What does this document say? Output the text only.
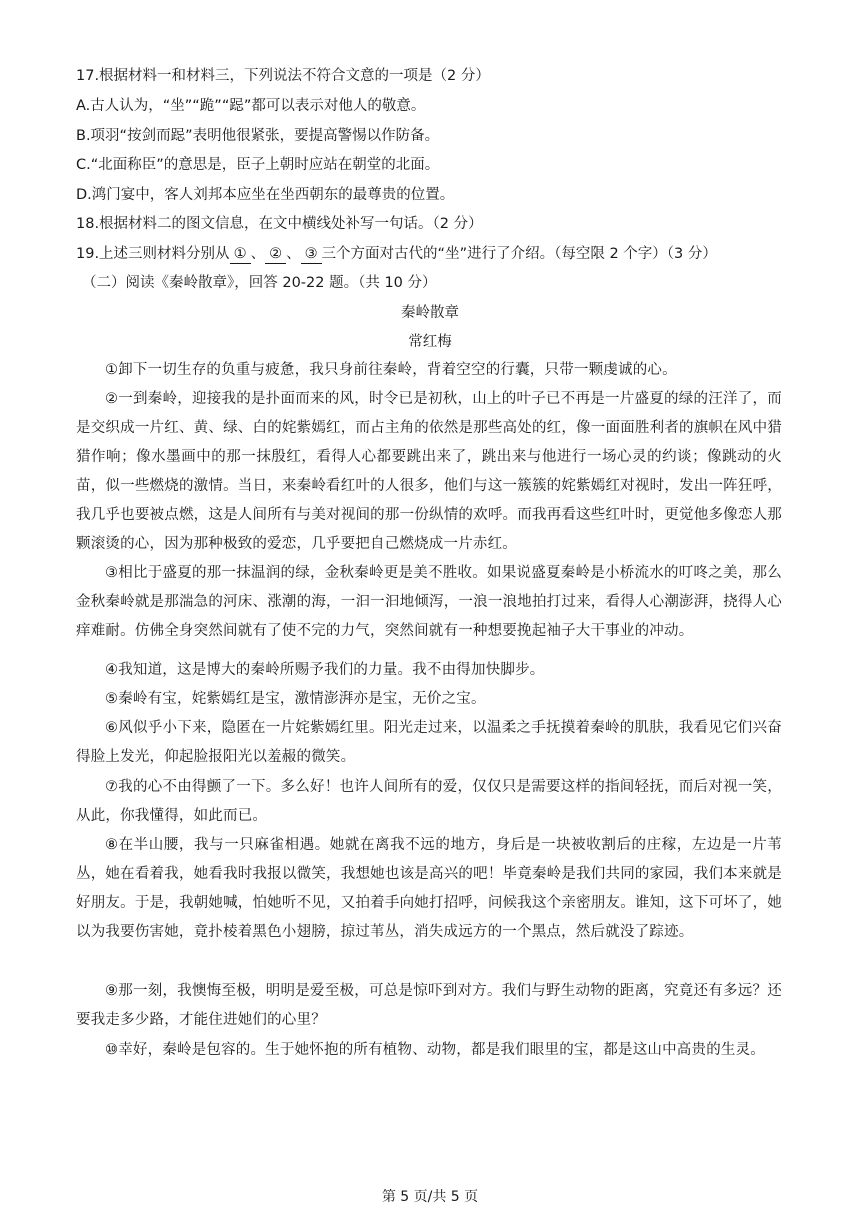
17.根据材料一和材料三，下列说法不符合文意的一项是（2 分）
A.古人认为，“坐”“跪”“跽”都可以表示对他人的敬意。
B.项羽“按剑而跽”表明他很紧张，要提高警惕以作防备。
C.“北面称臣”的意思是，臣子上朝时应站在朝堂的北面。
D.鸿门宴中，客人刘邦本应坐在坐西朝东的最尊贵的位置。
18.根据材料二的图文信息，在文中横线处补写一句话。（2 分）
19.上述三则材料分别从 ① 、 ② 、 ③ 三个方面对古代的“坐”进行了介绍。（每空限 2 个字）（3 分）
（二）阅读《秦岭散章》，回答 20-22 题。（共 10 分）
秦岭散章
常红梅
①卸下一切生存的负重与疲惫，我只身前往秦岭，背着空空的行囊，只带一颗虔诚的心。
②一到秦岭，迎接我的是扑面而来的风，时令已是初秋，山上的叶子已不再是一片盛夏的绿的汪洋了，而是交织成一片红、黄、绿、白的姹紫嫣红，而占主角的依然是那些高处的红，像一面面胜利者的旗帜在风中猎猎作响；像水墨画中的那一抹殷红，看得人心都要跳出来了，跳出来与他进行一场心灵的约谈；像跳动的火苗，似一些燃烧的激情。当日，来秦岭看红叶的人很多，他们与这一簇簇的姹紫嫣红对视时，发出一阵狂呼，我几乎也要被点燃，这是人间所有与美对视间的那一份纵情的欢呼。而我再看这些红叶时，更觉他多像恋人那颗滚烫的心，因为那种极致的爱恋，几乎要把自己燃烧成一片赤红。
③相比于盛夏的那一抹温润的绿，金秋秦岭更是美不胜收。如果说盛夏秦岭是小桥流水的叮咚之美，那么金秋秦岭就是那湍急的河床、涨潮的海，一汩一汩地倾泻，一浪一浪地拍打过来，看得人心潮澎湃，挠得人心痒难耐。仿佛全身突然间就有了使不完的力气，突然间就有一种想要挽起袖子大干事业的冲动。
④我知道，这是博大的秦岭所赐予我们的力量。我不由得加快脚步。
⑤秦岭有宝，姹紫嫣红是宝，激情澎湃亦是宝，无价之宝。
⑥风似乎小下来，隐匿在一片姹紫嫣红里。阳光走过来，以温柔之手抚摸着秦岭的肌肤，我看见它们兴奋得脸上发光，仰起脸报阳光以羞赧的微笑。
⑦我的心不由得颤了一下。多么好！也许人间所有的爱，仅仅只是需要这样的指间轻抚，而后对视一笑，从此，你我懂得，如此而已。
⑧在半山腰，我与一只麻雀相遇。她就在离我不远的地方，身后是一块被收割后的庄稼，左边是一片苇丛，她在看着我，她看我时我报以微笑，我想她也该是高兴的吧！毕竟秦岭是我们共同的家园，我们本来就是好朋友。于是，我朝她喊，怕她听不见，又拍着手向她打招呼，问候我这个亲密朋友。谁知，这下可坏了，她以为我要伤害她，竟扑棱着黑色小翅膀，掠过苇丛，消失成远方的一个黑点，然后就没了踪迹。
⑨那一刻，我懊悔至极，明明是爱至极，可总是惊吓到对方。我们与野生动物的距离，究竟还有多远？还要我走多少路，才能住进她们的心里？
⑩幸好，秦岭是包容的。生于她怀抱的所有植物、动物，都是我们眼里的宝，都是这山中高贵的生灵。
第 5 页/共 5 页
